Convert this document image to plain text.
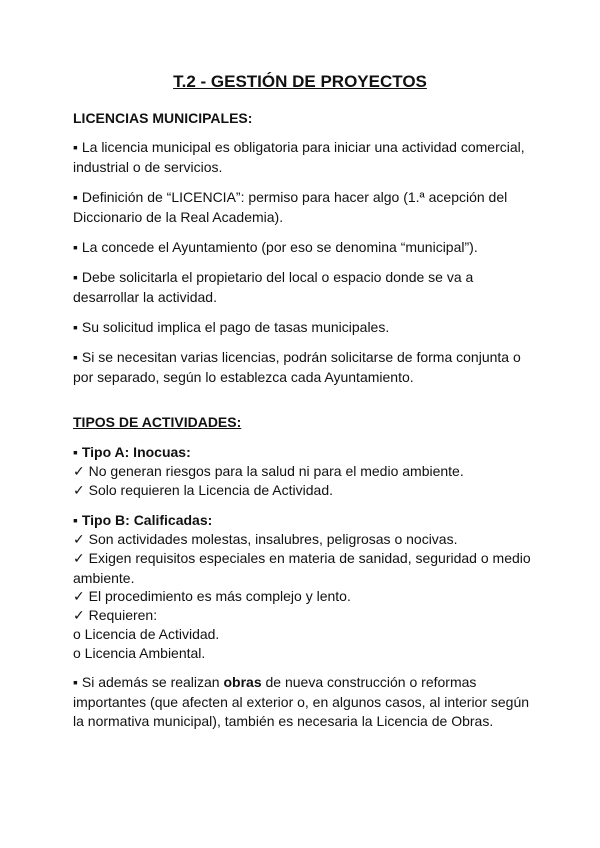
T.2 - GESTIÓN DE PROYECTOS
LICENCIAS MUNICIPALES:
▪ La licencia municipal es obligatoria para iniciar una actividad comercial, industrial o de servicios.
▪ Definición de “LICENCIA”: permiso para hacer algo (1.ª acepción del Diccionario de la Real Academia).
▪ La concede el Ayuntamiento (por eso se denomina “municipal”).
▪ Debe solicitarla el propietario del local o espacio donde se va a desarrollar la actividad.
▪ Su solicitud implica el pago de tasas municipales.
▪ Si se necesitan varias licencias, podrán solicitarse de forma conjunta o por separado, según lo establezca cada Ayuntamiento.
TIPOS DE ACTIVIDADES:
▪ Tipo A: Inocuas:
✓ No generan riesgos para la salud ni para el medio ambiente.
✓ Solo requieren la Licencia de Actividad.
▪ Tipo B: Calificadas:
✓ Son actividades molestas, insalubres, peligrosas o nocivas.
✓ Exigen requisitos especiales en materia de sanidad, seguridad o medio ambiente.
✓ El procedimiento es más complejo y lento.
✓ Requieren:
o Licencia de Actividad.
o Licencia Ambiental.
▪ Si además se realizan obras de nueva construcción o reformas importantes (que afecten al exterior o, en algunos casos, al interior según la normativa municipal), también es necesaria la Licencia de Obras.
